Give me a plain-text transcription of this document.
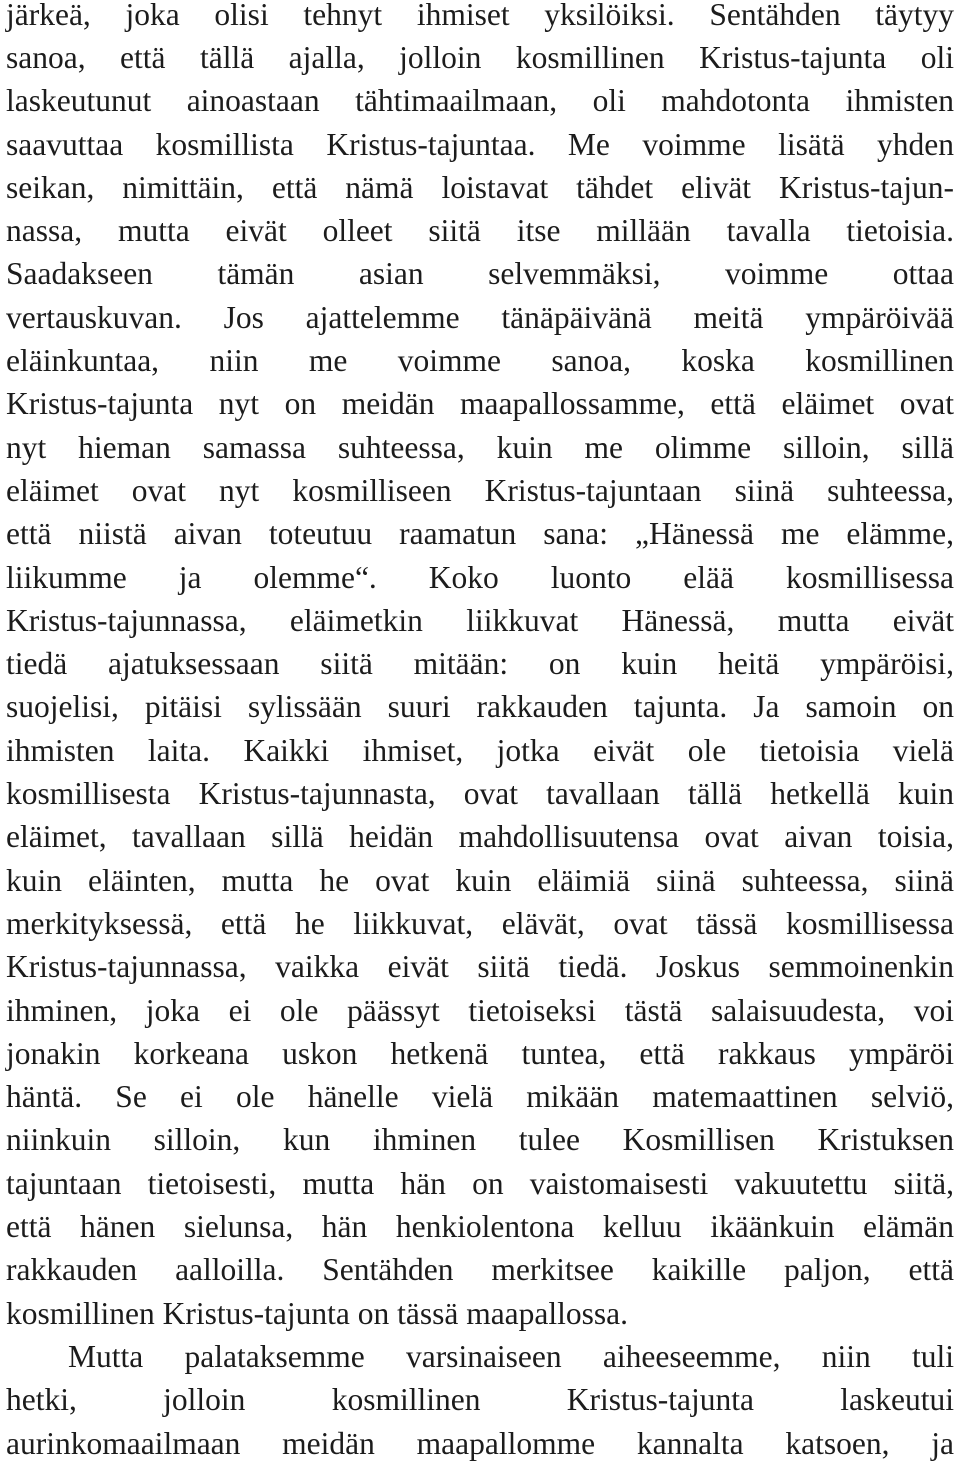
järkeä, joka olisi tehnyt ihmiset yksilöiksi. Sentähden täytyy
sanoa, että tällä ajalla, jolloin kosmillinen Kristus-tajunta oli
laskeutunut ainoastaan tähtimaailmaan, oli mahdotonta ihmisten
saavuttaa kosmillista Kristus-tajuntaa. Me voimme lisätä yhden
seikan, nimittäin, että nämä loistavat tähdet elivät Kristus-tajun-
nassa, mutta eivät olleet siitä itse millään tavalla tietoisia.
Saadakseen tämän asian selvemmäksi, voimme ottaa
vertauskuvan. Jos ajattelemme tänäpäivänä meitä ympäröivää
eläinkuntaa, niin me voimme sanoa, koska kosmillinen
Kristus-tajunta nyt on meidän maapallossamme, että eläimet ovat
nyt hieman samassa suhteessa, kuin me olimme silloin, sillä
eläimet ovat nyt kosmilliseen Kristus-tajuntaan siinä suhteessa,
että niistä aivan toteutuu raamatun sana: „Hänessä me elämme,
liikumme ja olemme“. Koko luonto elää kosmillisessa
Kristus-tajunnassa, eläimetkin liikkuvat Hänessä, mutta eivät
tiedä ajatuksessaan siitä mitään: on kuin heitä ympäröisi,
suojelisi, pitäisi sylissään suuri rakkauden tajunta. Ja samoin on
ihmisten laita. Kaikki ihmiset, jotka eivät ole tietoisia vielä
kosmillisesta Kristus-tajunnasta, ovat tavallaan tällä hetkellä kuin
eläimet, tavallaan sillä heidän mahdollisuutensa ovat aivan toisia,
kuin eläinten, mutta he ovat kuin eläimiä siinä suhteessa, siinä
merkityksessä, että he liikkuvat, elävät, ovat tässä kosmillisessa
Kristus-tajunnassa, vaikka eivät siitä tiedä. Joskus semmoinenkin
ihminen, joka ei ole päässyt tietoiseksi tästä salaisuudesta, voi
jonakin korkeana uskon hetkenä tuntea, että rakkaus ympäröi
häntä. Se ei ole hänelle vielä mikään matemaattinen selviö,
niinkuin silloin, kun ihminen tulee Kosmillisen Kristuksen
tajuntaan tietoisesti, mutta hän on vaistomaisesti vakuutettu siitä,
että hänen sielunsa, hän henkiolentona kelluu ikäänkuin elämän
rakkauden aalloilla. Sentähden merkitsee kaikille paljon, että
kosmillinen Kristus-tajunta on tässä maapallossa.
Mutta palataksemme varsinaiseen aiheeseemme, niin tuli
hetki, jolloin kosmillinen Kristus-tajunta laskeutui
aurinkomaailmaan meidän maapallomme kannalta katsoen, ja
